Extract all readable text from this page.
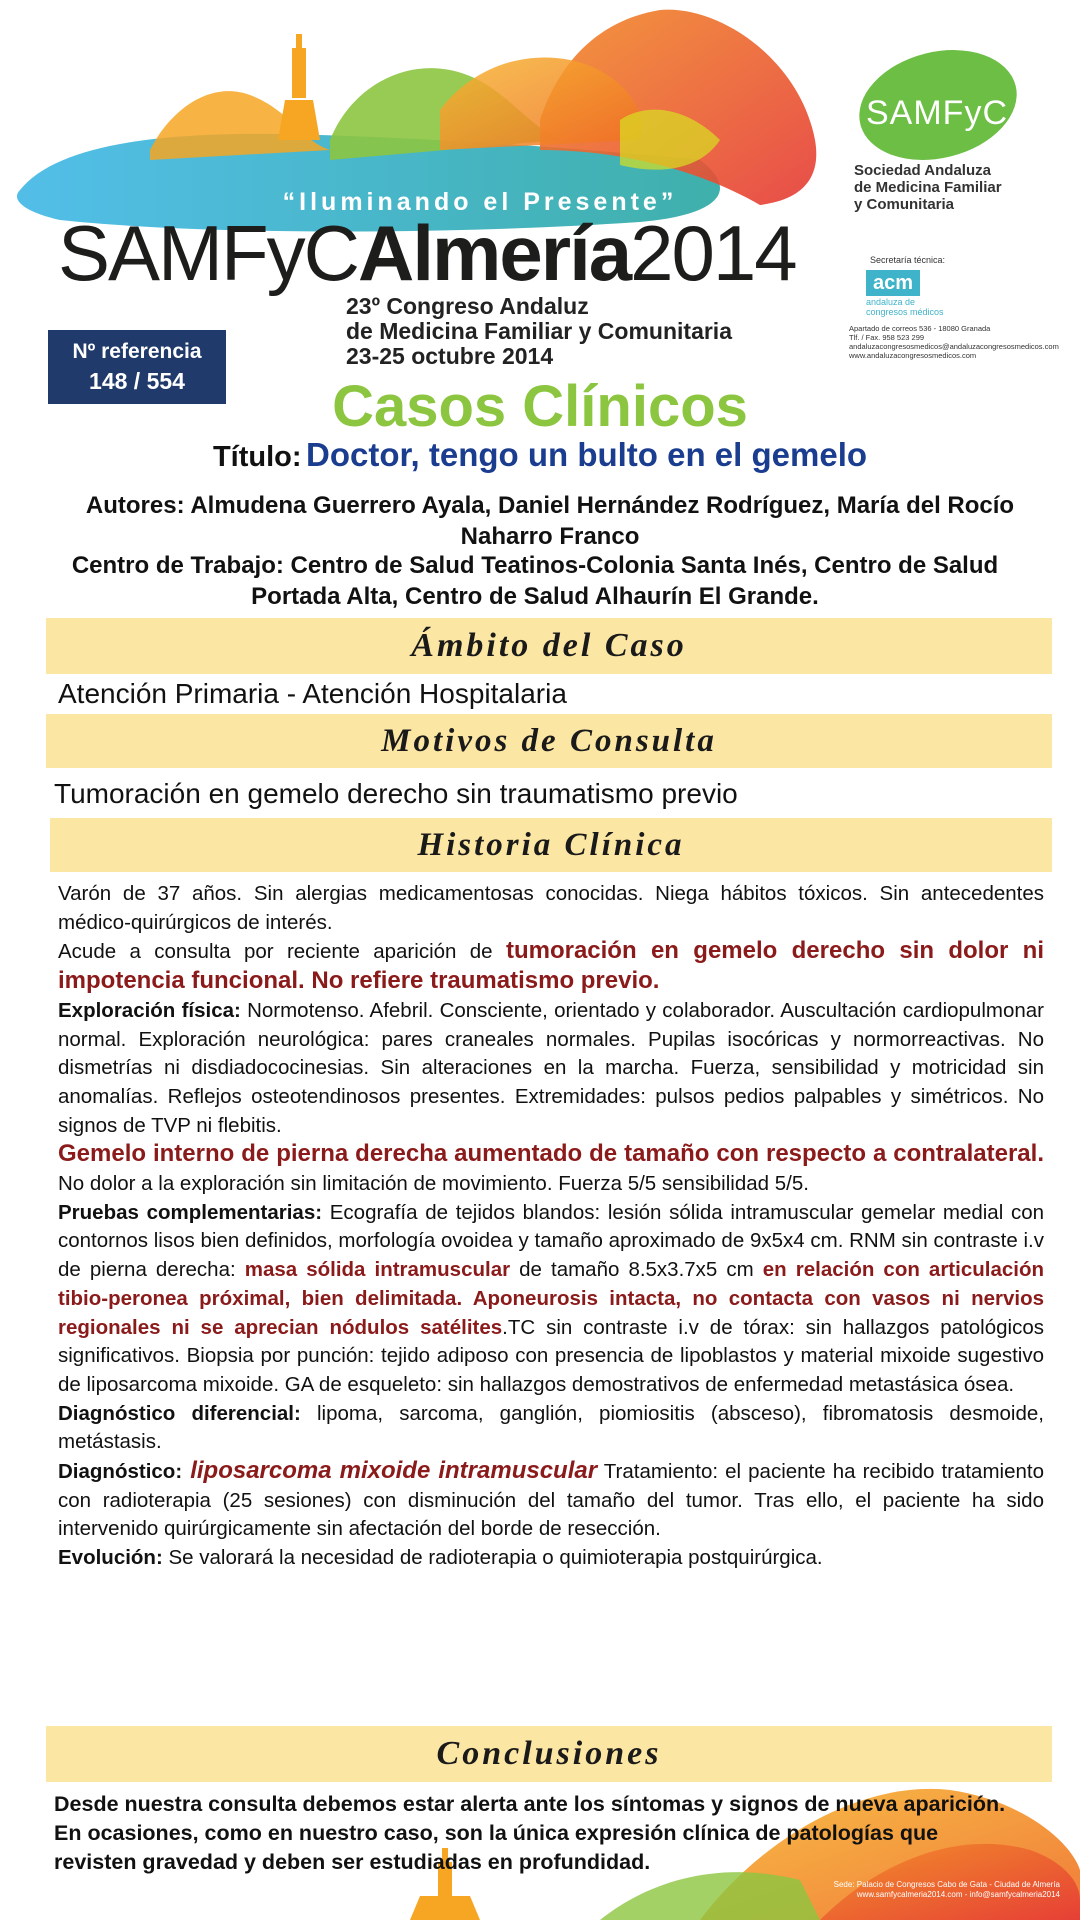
“Iluminando el Presente”
SAMFyCAlmería2014
23º Congreso Andaluz
de Medicina Familiar y Comunitaria
23-25 octubre 2014
SAMFyC
Sociedad Andaluza
de Medicina Familiar
y Comunitaria
Secretaría técnica:
acm
andaluza de
congresos médicos
Apartado de correos 536 - 18080 Granada
Tlf. / Fax. 958 523 299
andaluzacongresosmedicos@andaluzacongresosmedicos.com
www.andaluzacongresosmedicos.com
Nº referencia
148 / 554	Casos Clínicos
Título: Doctor, tengo un bulto en el gemelo
Autores: Almudena Guerrero Ayala, Daniel Hernández Rodríguez, María del Rocío Naharro Franco
Centro de Trabajo: Centro de Salud Teatinos-Colonia Santa Inés, Centro de Salud Portada Alta, Centro de Salud Alhaurín El Grande.
Ámbito del Caso
Atención Primaria - Atención Hospitalaria
Motivos de Consulta
Tumoración en gemelo derecho sin traumatismo previo
Historia Clínica

Varón de 37 años. Sin alergias medicamentosas conocidas. Niega hábitos tóxicos. Sin antecedentes médico-quirúrgicos de interés.

Acude a consulta por reciente aparición de tumoración en gemelo derecho sin dolor ni impotencia funcional. No refiere traumatismo previo.

Exploración física: Normotenso. Afebril. Consciente, orientado y colaborador. Auscultación cardiopulmonar normal. Exploración neurológica: pares craneales normales. Pupilas isocóricas y normorreactivas. No dismetrías ni disdiadococinesias. Sin alteraciones en la marcha. Fuerza, sensibilidad y motricidad sin anomalías. Reflejos osteotendinosos presentes. Extremidades: pulsos pedios palpables y simétricos. No signos de TVP ni flebitis.

Gemelo interno de pierna derecha aumentado de tamaño con respecto a contralateral. No dolor a la exploración sin limitación de movimiento. Fuerza 5/5 sensibilidad 5/5.

Pruebas complementarias: Ecografía de tejidos blandos: lesión sólida intramuscular gemelar medial con contornos lisos bien definidos, morfología ovoidea y tamaño aproximado de 9x5x4 cm. RNM sin contraste i.v de pierna derecha: masa sólida intramuscular de tamaño 8.5x3.7x5 cm en relación con articulación tibio-peronea próximal, bien delimitada. Aponeurosis intacta, no contacta con vasos ni nervios regionales ni se aprecian nódulos satélites.TC sin contraste i.v de tórax: sin hallazgos patológicos significativos. Biopsia por punción: tejido adiposo con presencia de lipoblastos y material mixoide sugestivo de liposarcoma mixoide. GA de esqueleto: sin hallazgos demostrativos de enfermedad metastásica ósea.

Diagnóstico diferencial: lipoma, sarcoma, ganglión, piomiositis (absceso), fibromatosis desmoide, metástasis.

Diagnóstico: liposarcoma mixoide intramuscular Tratamiento: el paciente ha recibido tratamiento con radioterapia (25 sesiones) con disminución del tamaño del tumor. Tras ello, el paciente ha sido intervenido quirúrgicamente sin afectación del borde de resección.

Evolución: Se valorará la necesidad de radioterapia o quimioterapia postquirúrgica.

Conclusiones
Desde nuestra consulta debemos estar alerta ante los síntomas y signos de nueva aparición. En ocasiones, como en nuestro caso, son la única expresión clínica de patologías que revisten gravedad y deben ser estudiadas en profundidad.
Sede: Palacio de Congresos Cabo de Gata - Ciudad de Almería
www.samfycalmeria2014.com - info@samfycalmeria2014
